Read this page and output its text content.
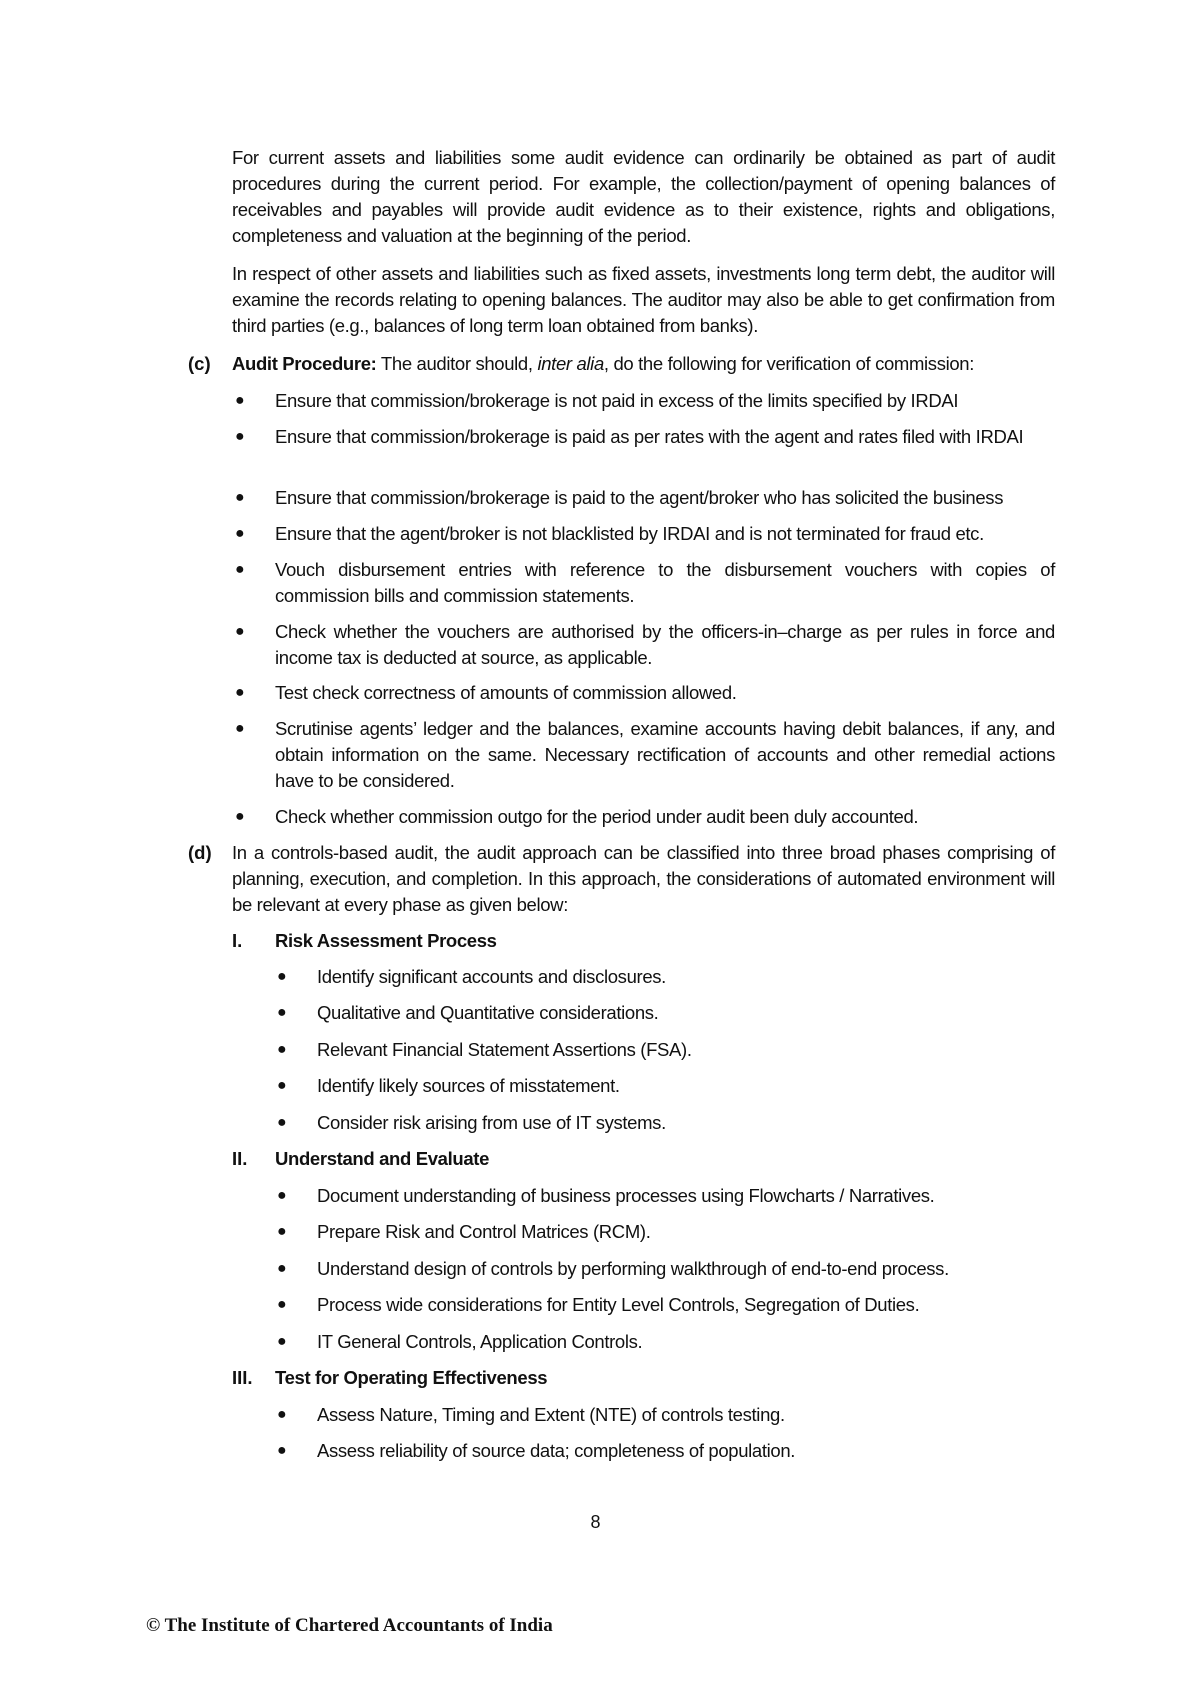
For current assets and liabilities some audit evidence can ordinarily be obtained as part of audit procedures during the current period. For example, the collection/payment of opening balances of receivables and payables will provide audit evidence as to their existence, rights and obligations, completeness and valuation at the beginning of the period.

In respect of other assets and liabilities such as fixed assets, investments long term debt, the auditor will examine the records relating to opening balances. The auditor may also be able to get confirmation from third parties (e.g., balances of long term loan obtained from banks).

(c) Audit Procedure: The auditor should, inter alia, do the following for verification of commission:

● Ensure that commission/brokerage is not paid in excess of the limits specified by IRDAI

● Ensure that commission/brokerage is paid as per rates with the agent and rates filed with IRDAI

● Ensure that commission/brokerage is paid to the agent/broker who has solicited the business

● Ensure that the agent/broker is not blacklisted by IRDAI and is not terminated for fraud etc.

● Vouch disbursement entries with reference to the disbursement vouchers with copies of commission bills and commission statements.

● Check whether the vouchers are authorised by the officers-in–charge as per rules in force and income tax is deducted at source, as applicable.

● Test check correctness of amounts of commission allowed.

● Scrutinise agents’ ledger and the balances, examine accounts having debit balances, if any, and obtain information on the same. Necessary rectification of accounts and other remedial actions have to be considered.

● Check whether commission outgo for the period under audit been duly accounted.

(d) In a controls-based audit, the audit approach can be classified into three broad phases comprising of planning, execution, and completion. In this approach, the considerations of automated environment will be relevant at every phase as given below:

I. Risk Assessment Process

● Identify significant accounts and disclosures.

● Qualitative and Quantitative considerations.

● Relevant Financial Statement Assertions (FSA).

● Identify likely sources of misstatement.

● Consider risk arising from use of IT systems.

II. Understand and Evaluate

● Document understanding of business processes using Flowcharts / Narratives.

● Prepare Risk and Control Matrices (RCM).

● Understand design of controls by performing walkthrough of end-to-end process.

● Process wide considerations for Entity Level Controls, Segregation of Duties.

● IT General Controls, Application Controls.

III. Test for Operating Effectiveness

● Assess Nature, Timing and Extent (NTE) of controls testing.

● Assess reliability of source data; completeness of population.

8
© The Institute of Chartered Accountants of India
